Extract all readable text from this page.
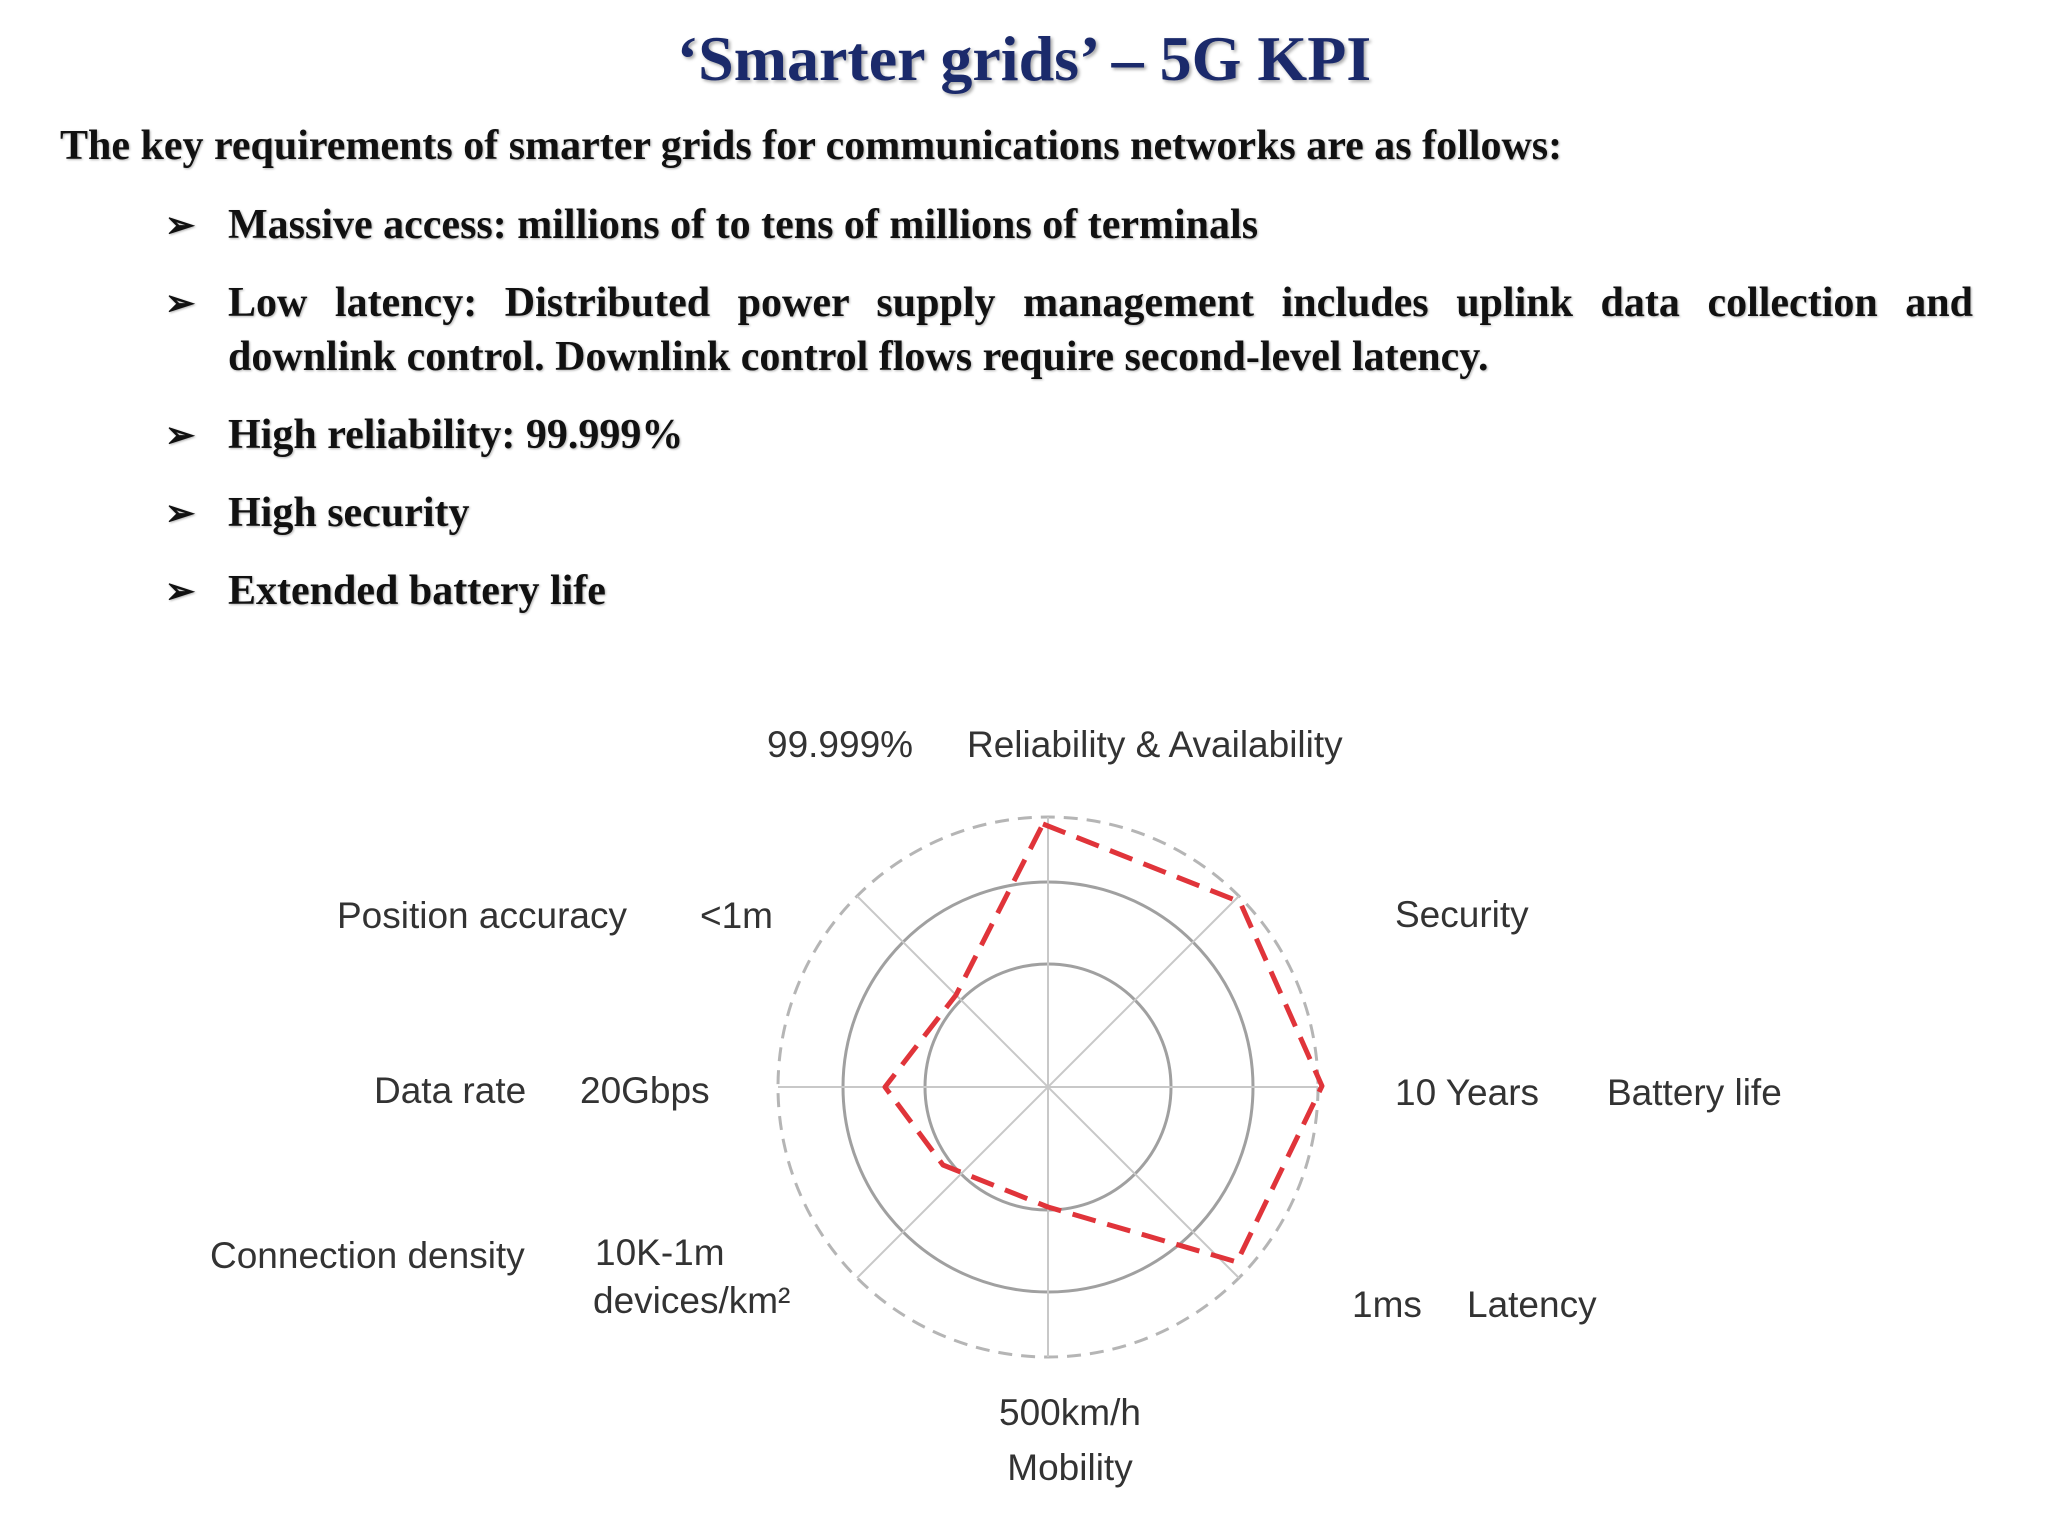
‘Smarter grids’ – 5G KPI

The key requirements of smarter grids for communications networks are as follows:

➢ Massive access: millions of to tens of millions of terminals
➢ Low latency: Distributed power supply management includes uplink data collection and downlink control. Downlink control flows require second-level latency.
➢ High reliability: 99.999%
➢ High security
➢ Extended battery life
99.999% Reliability & Availability
Security
10 Years Battery life
1ms Latency
500km/h
Mobility
Connection density 10K-1m
devices/km²
Data rate 20Gbps
Position accuracy <1m
